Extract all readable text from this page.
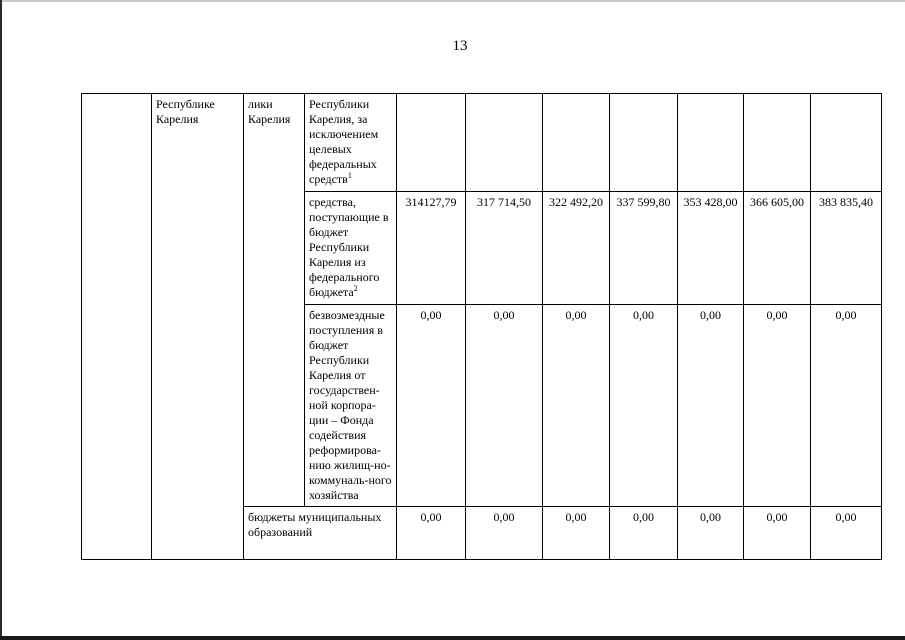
13
	Республике Карелия	лики Карелия	Республики Карелия, за исключением целевых федеральных средств$^1$							
			средства, поступающие в бюджет Республики Карелия из федерального бюджета$^2$	314127,79	317 714,50	322 492,20	337 599,80	353 428,00	366 605,00	383 835,40
			безвозмездные поступления в бюджет Республики Карелия от государствен-ной корпора-ции – Фонда содействия реформирова-нию жилищ-но-коммуналь-ного хозяйства	0,00	0,00	0,00	0,00	0,00	0,00	0,00
		бюджеты муниципальных образований		0,00	0,00	0,00	0,00	0,00	0,00	0,00
